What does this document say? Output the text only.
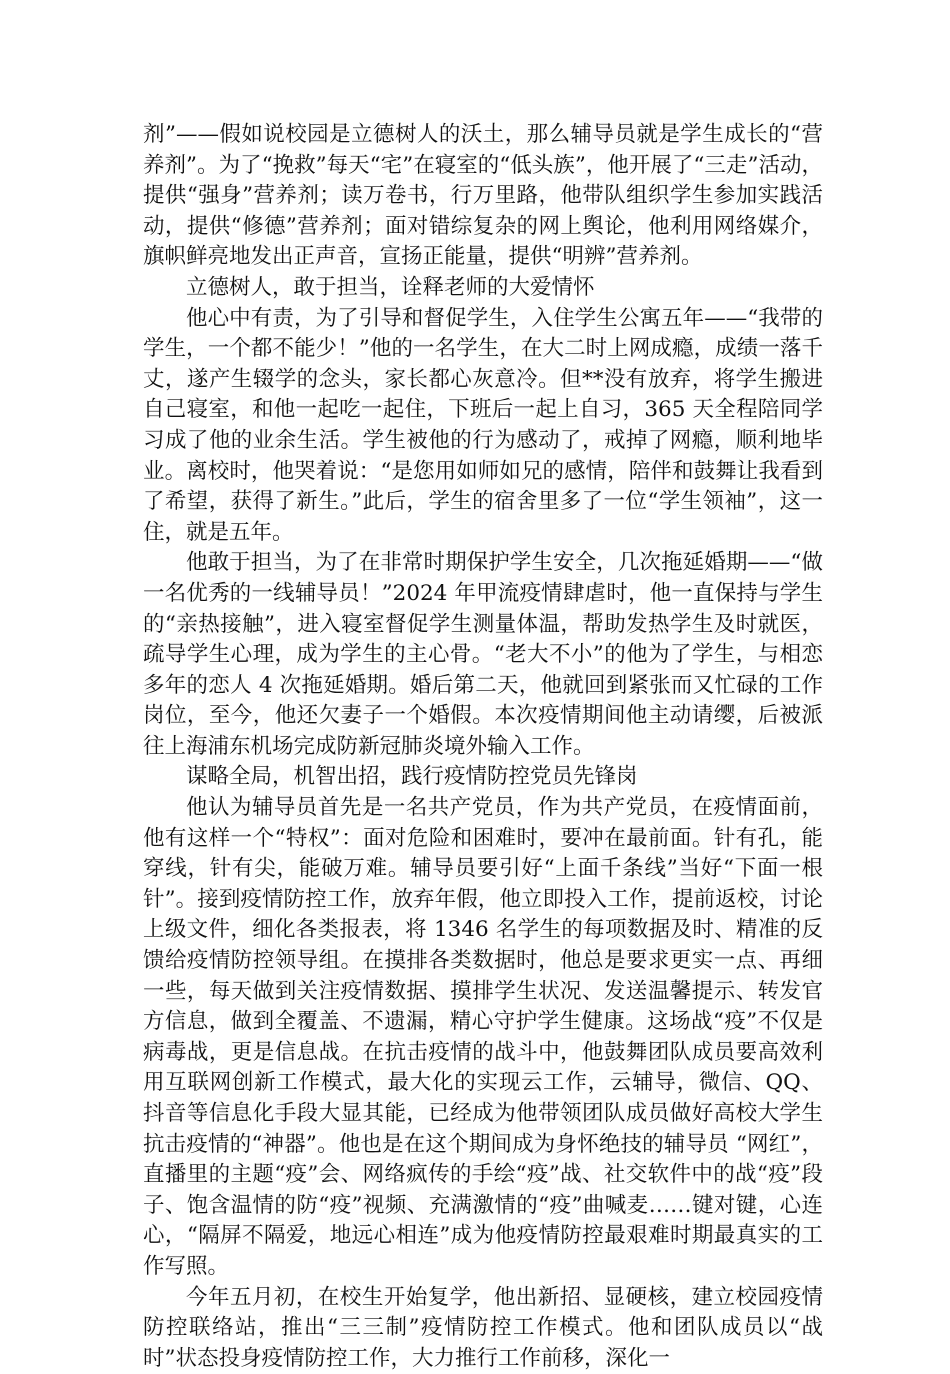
剂”——假如说校园是立德树人的沃土，那么辅导员就是学生成长的“营养剂”。为了“挽救”每天“宅”在寝室的“低头族”，他开展了“三走”活动，提供“强身”营养剂；读万卷书，行万里路，他带队组织学生参加实践活动，提供“修德”营养剂；面对错综复杂的网上舆论，他利用网络媒介，旗帜鲜亮地发出正声音，宣扬正能量，提供“明辨”营养剂。

立德树人，敢于担当，诠释老师的大爱情怀

他心中有责，为了引导和督促学生，入住学生公寓五年——“我带的学生，一个都不能少！”他的一名学生，在大二时上网成瘾，成绩一落千丈，遂产生辍学的念头，家长都心灰意冷。但**没有放弃，将学生搬进自己寝室，和他一起吃一起住，下班后一起上自习，365 天全程陪同学习成了他的业余生活。学生被他的行为感动了，戒掉了网瘾，顺利地毕业。离校时，他哭着说：“是您用如师如兄的感情，陪伴和鼓舞让我看到了希望，获得了新生。”此后，学生的宿舍里多了一位“学生领袖”，这一住，就是五年。

他敢于担当，为了在非常时期保护学生安全，几次拖延婚期——“做一名优秀的一线辅导员！”2024 年甲流疫情肆虐时，他一直保持与学生的“亲热接触”，进入寝室督促学生测量体温，帮助发热学生及时就医，疏导学生心理，成为学生的主心骨。“老大不小”的他为了学生，与相恋多年的恋人 4 次拖延婚期。婚后第二天，他就回到紧张而又忙碌的工作岗位，至今，他还欠妻子一个婚假。本次疫情期间他主动请缨，后被派往上海浦东机场完成防新冠肺炎境外输入工作。

谋略全局，机智出招，践行疫情防控党员先锋岗

他认为辅导员首先是一名共产党员，作为共产党员，在疫情面前，他有这样一个“特权”：面对危险和困难时，要冲在最前面。针有孔，能穿线，针有尖，能破万难。辅导员要引好“上面千条线”当好“下面一根针”。接到疫情防控工作，放弃年假，他立即投入工作，提前返校，讨论上级文件，细化各类报表，将 1346 名学生的每项数据及时、精准的反馈给疫情防控领导组。在摸排各类数据时，他总是要求更实一点、再细一些，每天做到关注疫情数据、摸排学生状况、发送温馨提示、转发官方信息，做到全覆盖、不遗漏，精心守护学生健康。这场战“疫”不仅是病毒战，更是信息战。在抗击疫情的战斗中，他鼓舞团队成员要高效利用互联网创新工作模式，最大化的实现云工作，云辅导，微信、QQ、抖音等信息化手段大显其能，已经成为他带领团队成员做好高校大学生抗击疫情的“神器”。他也是在这个期间成为身怀绝技的辅导员 “网红”，直播里的主题“疫”会、网络疯传的手绘“疫”战、社交软件中的战“疫”段子、饱含温情的防“疫”视频、充满激情的“疫”曲喊麦……键对键，心连心，“隔屏不隔爱，地远心相连”成为他疫情防控最艰难时期最真实的工作写照。

今年五月初，在校生开始复学，他出新招、显硬核，建立校园疫情防控联络站，推出“三三制”疫情防控工作模式。他和团队成员以“战时”状态投身疫情防控工作，大力推行工作前移，深化一
